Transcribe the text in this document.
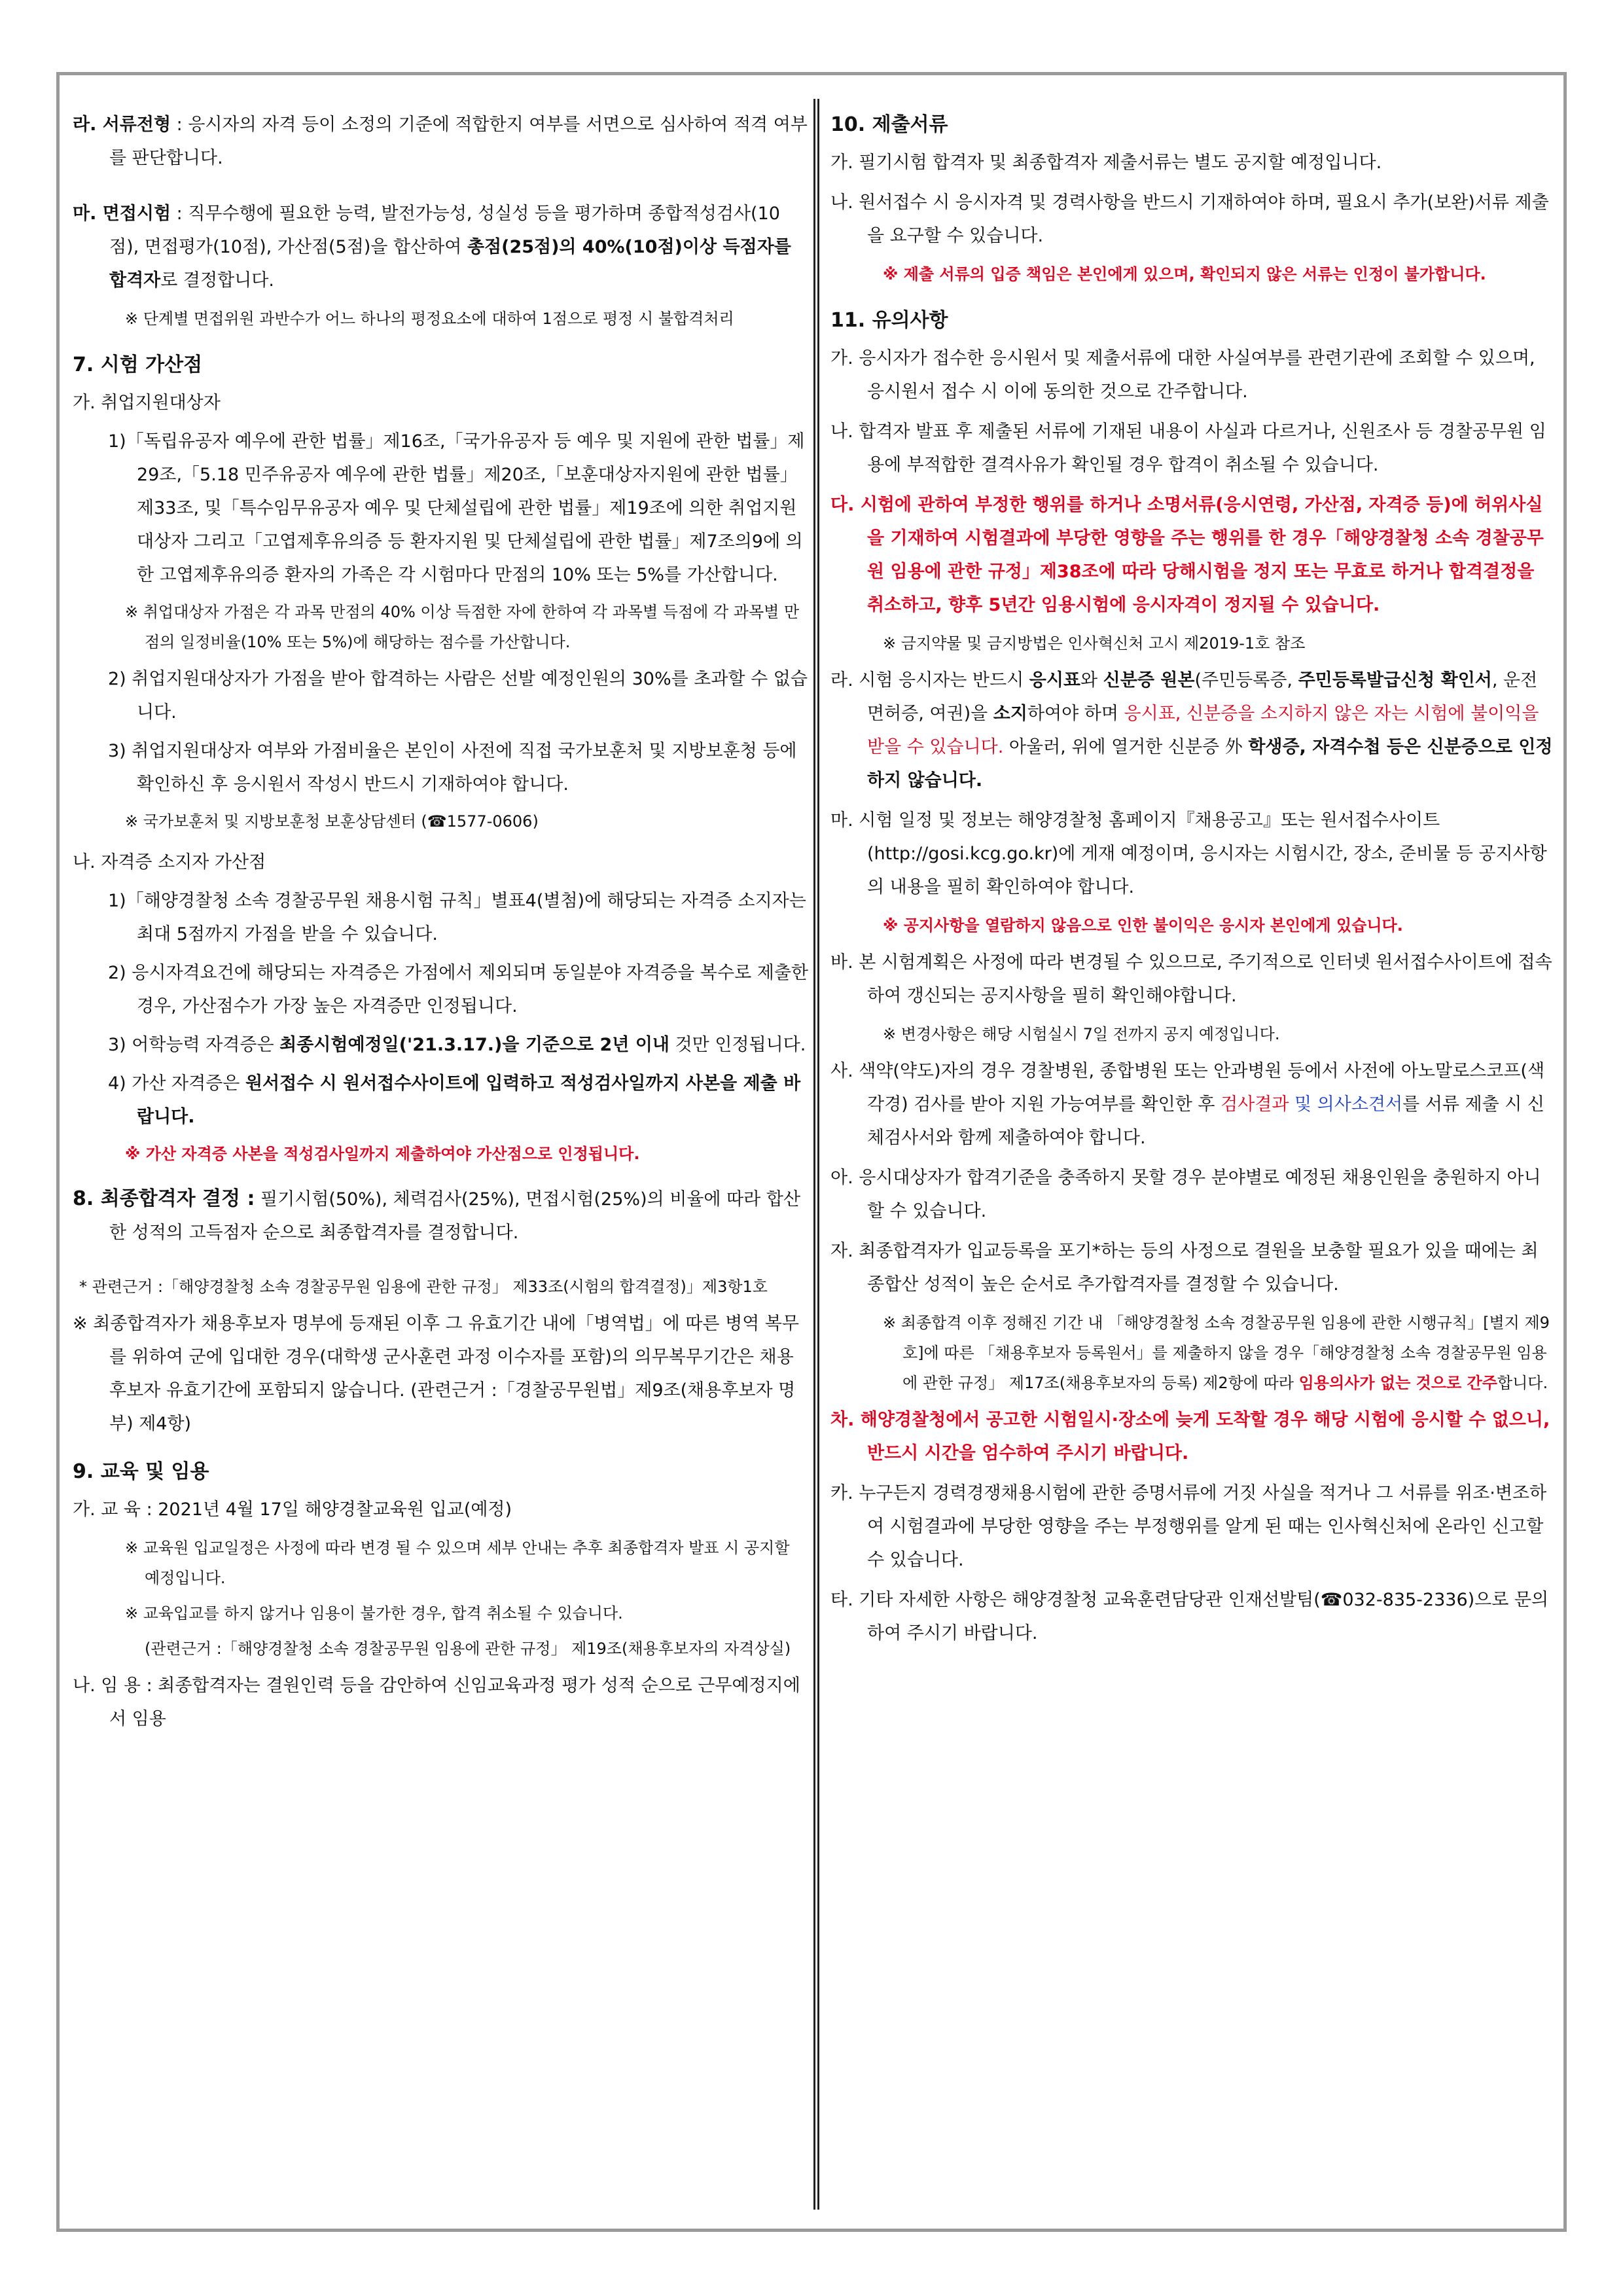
라. 서류전형 : 응시자의 자격 등이 소정의 기준에 적합한지 여부를 서면으로 심사하여 적격 여부를 판단합니다.

마. 면접시험 : 직무수행에 필요한 능력, 발전가능성, 성실성 등을 평가하며 종합적성검사(10점), 면접평가(10점), 가산점(5점)을 합산하여 총점(25점)의 40%(10점)이상 득점자를 합격자로 결정합니다.

※ 단계별 면접위원 과반수가 어느 하나의 평정요소에 대하여 1점으로 평정 시 불합격처리

7. 시험 가산점
가. 취업지원대상자

1)「독립유공자 예우에 관한 법률」제16조,「국가유공자 등 예우 및 지원에 관한 법률」제29조,「5.18 민주유공자 예우에 관한 법률」제20조,「보훈대상자지원에 관한 법률」제33조, 및「특수임무유공자 예우 및 단체설립에 관한 법률」제19조에 의한 취업지원대상자 그리고「고엽제후유의증 등 환자지원 및 단체설립에 관한 법률」제7조의9에 의한 고엽제후유의증 환자의 가족은 각 시험마다 만점의 10% 또는 5%를 가산합니다.

※ 취업대상자 가점은 각 과목 만점의 40% 이상 득점한 자에 한하여 각 과목별 득점에 각 과목별 만점의 일정비율(10% 또는 5%)에 해당하는 점수를 가산합니다.

2) 취업지원대상자가 가점을 받아 합격하는 사람은 선발 예정인원의 30%를 초과할 수 없습니다.

3) 취업지원대상자 여부와 가점비율은 본인이 사전에 직접 국가보훈처 및 지방보훈청 등에 확인하신 후 응시원서 작성시 반드시 기재하여야 합니다.

※ 국가보훈처 및 지방보훈청 보훈상담센터 (☎1577-0606)

나. 자격증 소지자 가산점

1)「해양경찰청 소속 경찰공무원 채용시험 규칙」별표4(별첨)에 해당되는 자격증 소지자는 최대 5점까지 가점을 받을 수 있습니다.

2) 응시자격요건에 해당되는 자격증은 가점에서 제외되며 동일분야 자격증을 복수로 제출한 경우, 가산점수가 가장 높은 자격증만 인정됩니다.

3) 어학능력 자격증은 최종시험예정일('21.3.17.)을 기준으로 2년 이내 것만 인정됩니다.

4) 가산 자격증은 원서접수 시 원서접수사이트에 입력하고 적성검사일까지 사본을 제출 바랍니다.

※ 가산 자격증 사본을 적성검사일까지 제출하여야 가산점으로 인정됩니다.

8. 최종합격자 결정 : 필기시험(50%), 체력검사(25%), 면접시험(25%)의 비율에 따라 합산한 성적의 고득점자 순으로 최종합격자를 결정합니다.

* 관련근거 :「해양경찰청 소속 경찰공무원 임용에 관한 규정」 제33조(시험의 합격결정)」제3항1호

※ 최종합격자가 채용후보자 명부에 등재된 이후 그 유효기간 내에「병역법」에 따른 병역 복무를 위하여 군에 입대한 경우(대학생 군사훈련 과정 이수자를 포함)의 의무복무기간은 채용후보자 유효기간에 포함되지 않습니다. (관련근거 :「경찰공무원법」제9조(채용후보자 명부) 제4항)

9. 교육 및 임용

가. 교 육 : 2021년 4월 17일 해양경찰교육원 입교(예정)

※ 교육원 입교일정은 사정에 따라 변경 될 수 있으며 세부 안내는 추후 최종합격자 발표 시 공지할 예정입니다.

※ 교육입교를 하지 않거나 임용이 불가한 경우, 합격 취소될 수 있습니다.

(관련근거 :「해양경찰청 소속 경찰공무원 임용에 관한 규정」 제19조(채용후보자의 자격상실)

나. 임 용 : 최종합격자는 결원인력 등을 감안하여 신임교육과정 평가 성적 순으로 근무예정지에서 임용

10. 제출서류

가. 필기시험 합격자 및 최종합격자 제출서류는 별도 공지할 예정입니다.

나. 원서접수 시 응시자격 및 경력사항을 반드시 기재하여야 하며, 필요시 추가(보완)서류 제출을 요구할 수 있습니다.

※ 제출 서류의 입증 책임은 본인에게 있으며, 확인되지 않은 서류는 인정이 불가합니다.

11. 유의사항

가. 응시자가 접수한 응시원서 및 제출서류에 대한 사실여부를 관련기관에 조회할 수 있으며, 응시원서 접수 시 이에 동의한 것으로 간주합니다.

나. 합격자 발표 후 제출된 서류에 기재된 내용이 사실과 다르거나, 신원조사 등 경찰공무원 임용에 부적합한 결격사유가 확인될 경우 합격이 취소될 수 있습니다.

다. 시험에 관하여 부정한 행위를 하거나 소명서류(응시연령, 가산점, 자격증 등)에 허위사실을 기재하여 시험결과에 부당한 영향을 주는 행위를 한 경우「해양경찰청 소속 경찰공무원 임용에 관한 규정」제38조에 따라 당해시험을 정지 또는 무효로 하거나 합격결정을 취소하고, 향후 5년간 임용시험에 응시자격이 정지될 수 있습니다.

※ 금지약물 및 금지방법은 인사혁신처 고시 제2019-1호 참조

라. 시험 응시자는 반드시 응시표와 신분증 원본(주민등록증, 주민등록발급신청 확인서, 운전면허증, 여권)을 소지하여야 하며 응시표, 신분증을 소지하지 않은 자는 시험에 불이익을 받을 수 있습니다. 아울러, 위에 열거한 신분증 外 학생증, 자격수첩 등은 신분증으로 인정하지 않습니다.

마. 시험 일정 및 정보는 해양경찰청 홈페이지『채용공고』또는 원서접수사이트(http://gosi.kcg.go.kr)에 게재 예정이며, 응시자는 시험시간, 장소, 준비물 등 공지사항의 내용을 필히 확인하여야 합니다.

※ 공지사항을 열람하지 않음으로 인한 불이익은 응시자 본인에게 있습니다.

바. 본 시험계획은 사정에 따라 변경될 수 있으므로, 주기적으로 인터넷 원서접수사이트에 접속하여 갱신되는 공지사항을 필히 확인해야합니다.

※ 변경사항은 해당 시험실시 7일 전까지 공지 예정입니다.

사. 색약(약도)자의 경우 경찰병원, 종합병원 또는 안과병원 등에서 사전에 아노말로스코프(색각경) 검사를 받아 지원 가능여부를 확인한 후 검사결과 및 의사소견서를 서류 제출 시 신체검사서와 함께 제출하여야 합니다.

아. 응시대상자가 합격기준을 충족하지 못할 경우 분야별로 예정된 채용인원을 충원하지 아니할 수 있습니다.

자. 최종합격자가 입교등록을 포기*하는 등의 사정으로 결원을 보충할 필요가 있을 때에는 최종합산 성적이 높은 순서로 추가합격자를 결정할 수 있습니다.

※ 최종합격 이후 정해진 기간 내 「해양경찰청 소속 경찰공무원 임용에 관한 시행규칙」[별지 제9호]에 따른 「채용후보자 등록원서」를 제출하지 않을 경우「해양경찰청 소속 경찰공무원 임용에 관한 규정」 제17조(채용후보자의 등록) 제2항에 따라 임용의사가 없는 것으로 간주합니다.

차. 해양경찰청에서 공고한 시험일시·장소에 늦게 도착할 경우 해당 시험에 응시할 수 없으니, 반드시 시간을 엄수하여 주시기 바랍니다.

카. 누구든지 경력경쟁채용시험에 관한 증명서류에 거짓 사실을 적거나 그 서류를 위조·변조하여 시험결과에 부당한 영향을 주는 부정행위를 알게 된 때는 인사혁신처에 온라인 신고할 수 있습니다.

타. 기타 자세한 사항은 해양경찰청 교육훈련담당관 인재선발팀(☎032-835-2336)으로 문의하여 주시기 바랍니다.
